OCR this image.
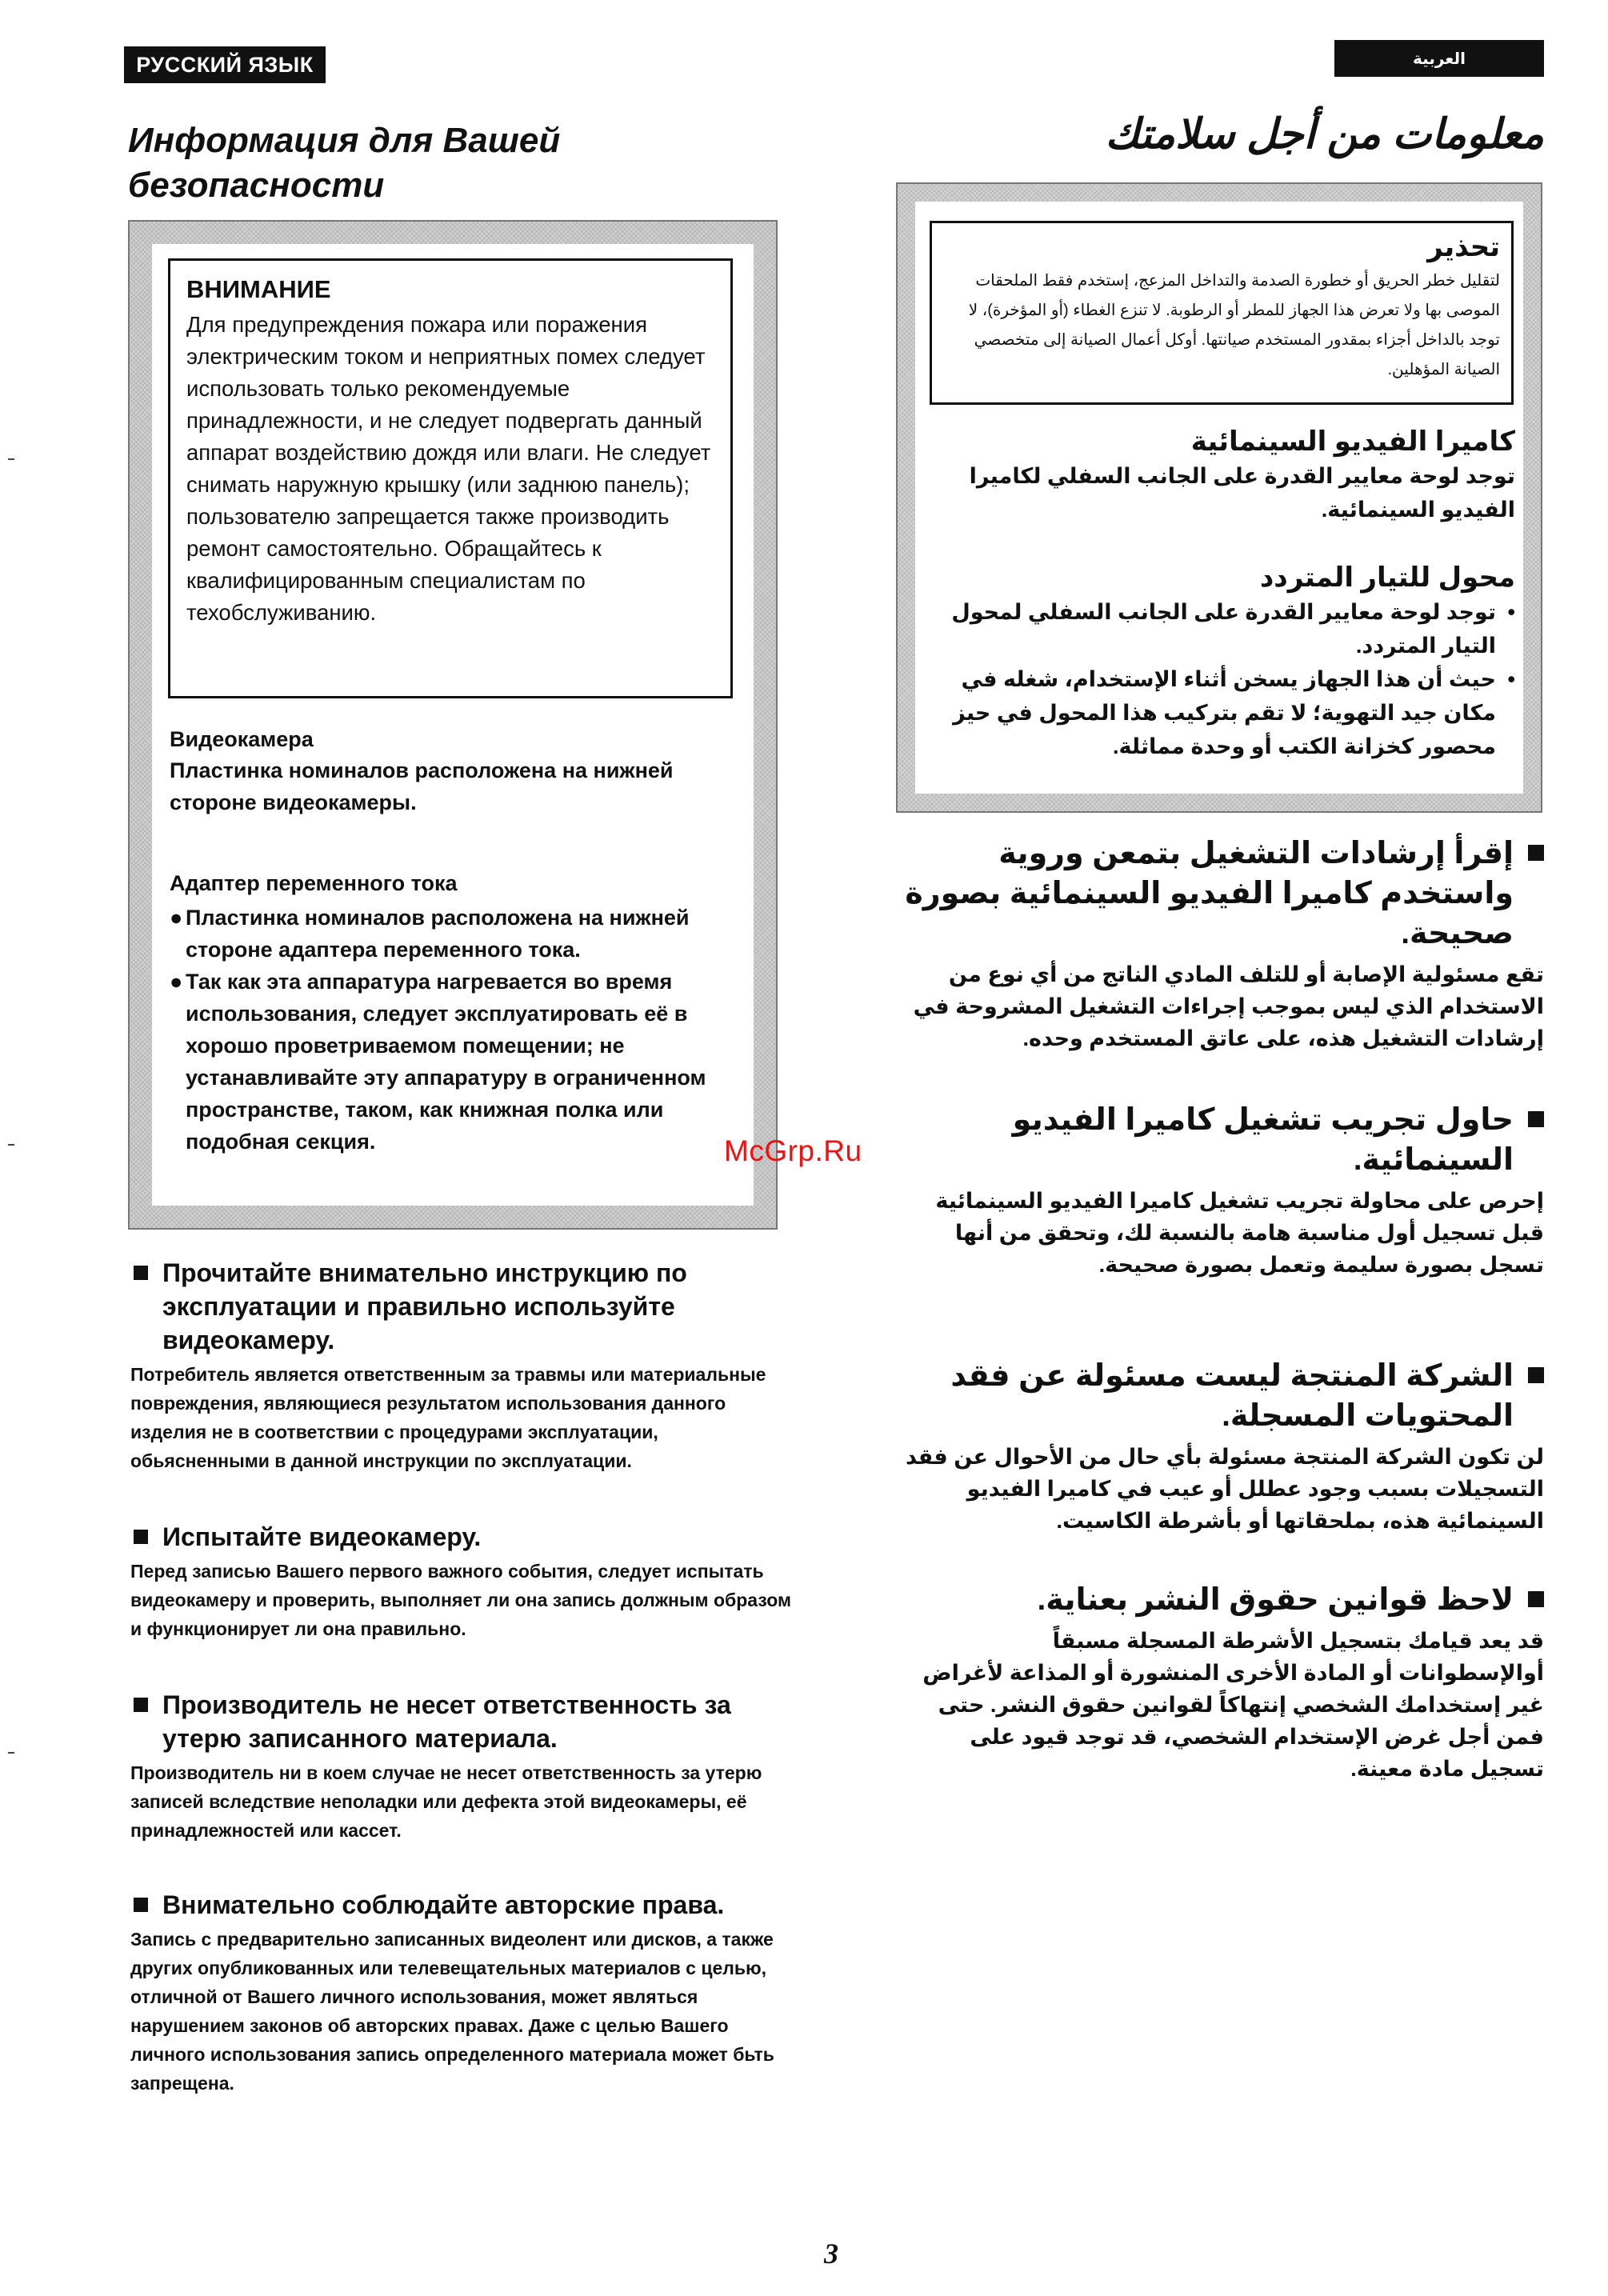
РУССКИЙ ЯЗЫК	العربية
Информация для Вашей безопасности
معلومات من أجل سلامتك
ВНИМАНИЕ

Для предупреждения пожара или поражения электрическим током и неприятных помех следует использовать только рекомендуемые принадлежности, и не следует подвергать данный аппарат воздействию дождя или влаги. Не следует снимать наружную крышку (или заднюю панель); пользователю запрещается также производить ремонт самостоятельно. Обращайтесь к квалифицированным специалистам по техобслуживанию.

Видеокамера

Пластинка номиналов расположена на нижней стороне видеокамеры.

Адаптер переменного тока

● Пластинка номиналов расположена на нижней стороне адаптера переменного тока.
● Так как эта аппаратура нагревается во время использования, следует эксплуатировать её в хорошо проветриваемом помещении; не устанавливайте эту аппаратуру в ограниченном пространстве, таком, как книжная полка или подобная секция.
Прочитайте внимательно инструкцию по эксплуатации и правильно используйте видеокамеру.
Потребитель является ответственным за травмы или материальные повреждения, являющиеся результатом использования данного изделия не в соответствии с процедурами эксплуатации, обьясненными в данной инструкции по эксплуатации.
Испытайте видеокамеру.
Перед записью Вашего первого важного события, следует испытать видеокамеру и проверить, выполняет ли она запись должным образом и функционирует ли она правильно.
Производитель не несет ответственность за утерю записанного материала.
Производитель ни в коем случае не несет ответственность за утерю записей вследствие неполадки или дефекта этой видеокамеры, её принадлежностей или кассет.
Внимательно соблюдайте авторские права.
Запись с предварительно записанных видеолент или дисков, а также других опубликованных или телевещательных материалов с целью, отличной от Вашего личного использования, может являться нарушением законов об авторских правах. Даже с целью Вашего личного использования запись определенного материала может бьть запрещена.
تحذير

لتقليل خطر الحريق أو خطورة الصدمة والتداخل المزعج، إستخدم فقط الملحقات الموصى بها ولا تعرض هذا الجهاز للمطر أو الرطوبة. لا تنزع الغطاء (أو المؤخرة)، لا توجد بالداخل أجزاء بمقدور المستخدم صيانتها. أوكل أعمال الصيانة إلى متخصصي الصيانة المؤهلين.

كاميرا الفيديو السينمائية

توجد لوحة معايير القدرة على الجانب السفلي لكاميرا الفيديو السينمائية.

محول للتيار المتردد

•
توجد لوحة معايير القدرة على الجانب السفلي لمحول التيار المتردد.
•
حيث أن هذا الجهاز يسخن أثناء الإستخدام، شغله في مكان جيد التهوية؛ لا تقم بتركيب هذا المحول في حيز محصور كخزانة الكتب أو وحدة مماثلة.
إقرأ إرشادات التشغيل بتمعن وروية واستخدم كاميرا الفيديو السينمائية بصورة صحيحة.
تقع مسئولية الإصابة أو للتلف المادي الناتج من أي نوع من الاستخدام الذي ليس بموجب إجراءات التشغيل المشروحة في إرشادات التشغيل هذه، على عاتق المستخدم وحده.
حاول تجريب تشغيل كاميرا الفيديو السينمائية.
إحرص على محاولة تجريب تشغيل كاميرا الفيديو السينمائية قبل تسجيل أول مناسبة هامة بالنسبة لك، وتحقق من أنها تسجل بصورة سليمة وتعمل بصورة صحيحة.
الشركة المنتجة ليست مسئولة عن فقد المحتويات المسجلة.
لن تكون الشركة المنتجة مسئولة بأي حال من الأحوال عن فقد التسجيلات بسبب وجود عطلل أو عيب في كاميرا الفيديو السينمائية هذه، بملحقاتها أو بأشرطة الكاسيت.
لاحظ قوانين حقوق النشر بعناية.
قد يعد قيامك بتسجيل الأشرطة المسجلة مسبقاً أوالإسطوانات أو المادة الأخرى المنشورة أو المذاعة لأغراض غير إستخدامك الشخصي إنتهاكاً لقوانين حقوق النشر. حتى فمن أجل غرض الإستخدام الشخصي، قد توجد قيود على تسجيل مادة معينة.
McGrp.Ru
3
